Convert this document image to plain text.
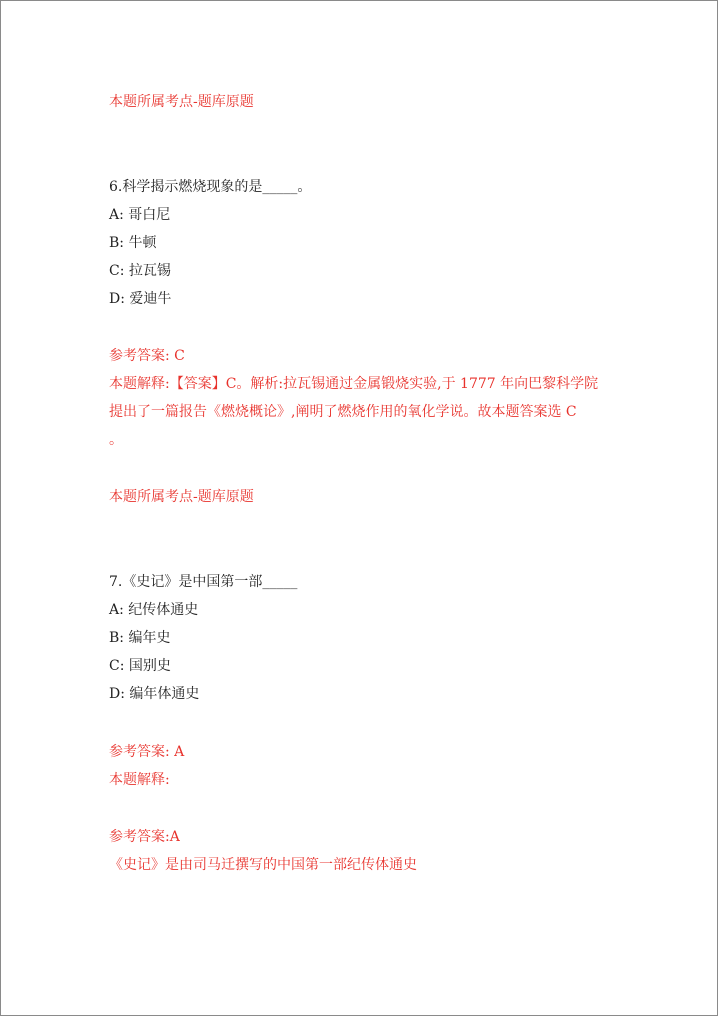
本题所属考点-题库原题
6.科学揭示燃烧现象的是_____。
A: 哥白尼
B: 牛顿
C: 拉瓦锡
D: 爱迪牛
参考答案: C
本题解释:【答案】C。解析:拉瓦锡通过金属锻烧实验,于 1777 年向巴黎科学院
提出了一篇报告《燃烧概论》,阐明了燃烧作用的氧化学说。故本题答案选 C
。
本题所属考点-题库原题
7.《史记》是中国第一部_____
A: 纪传体通史
B: 编年史
C: 国别史
D: 编年体通史
参考答案: A
本题解释:
参考答案:A
《史记》是由司马迁撰写的中国第一部纪传体通史
